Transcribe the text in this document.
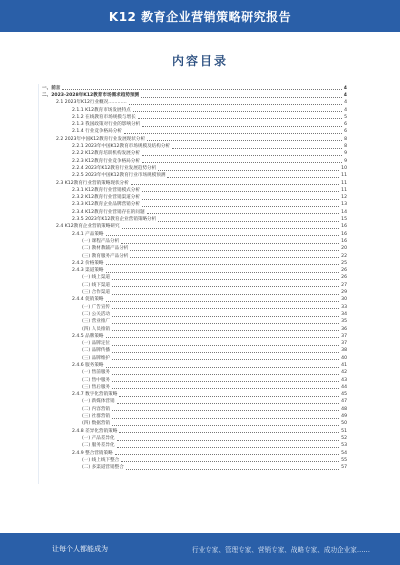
K12 教育企业营销策略研究报告
内容目录
一、前言	4
二、2023-2028年K12教育市场需求趋势预测	4
2.1 2023年K12行业概况…………	4
2.1.1 K12教育市场发展特点	4
2.1.2 在线教育市场规模与增长	5
2.1.3 我国政策对行业的影响分析	6
2.1.4 行业竞争格局分析	6
2.2 2023年中国K12教育行业发展现状分析	8
2.2.1 2023年中国K12教育市场规模及结构分析	8
2.2.2 K12教育培训机构发展分析	9
2.2.3 K12教育行业竞争格局分析	9
2.2.4 2023年K12教育行业发展趋势分析	10
2.2.5 2023年中国K12教育行业市场规模预测	11
2.3 K12教育行业营销策略现状分析	11
2.3.1 K12教育行业营销模式分析	11
2.3.2 K12教育行业营销渠道分析	12
2.3.3 K12教育企业品牌营销分析	13
2.3.4 K12教育行业营销存在的问题	14
2.3.5 2023年K12教育企业营销策略分析	15
2.4 K12教育企业营销策略研究	16
2.4.1 产品策略	16
(一) 课程产品分析	16
(二) 教材教辅产品分析	20
(三) 教育服务产品分析	22
2.4.2 价格策略	25
2.4.3 渠道策略	26
(一) 线上渠道	26
(二) 线下渠道	27
(三) 合作渠道	29
2.4.4 促销策略	30
(一) 广告宣传	33
(二) 公关活动	34
(三) 营业推广	35
(四) 人员推销	36
2.4.5 品牌策略	37
(一) 品牌定位	37
(二) 品牌传播	38
(三) 品牌维护	40
2.4.6 服务策略	41
(一) 售前服务	42
(二) 售中服务	43
(三) 售后服务	44
2.4.7 数字化营销策略	45
(一) 新媒体营销	47
(二) 内容营销	48
(三) 社群营销	49
(四) 数据营销	50
2.4.8 差异化营销策略	51
(一) 产品差异化	52
(二) 服务差异化	53
2.4.9 整合营销策略	54
(一) 线上线下整合	55
(二) 多渠道营销整合	57
让每个人都能成为	行业专家、管理专家、营销专家、战略专家、成功企业家……
